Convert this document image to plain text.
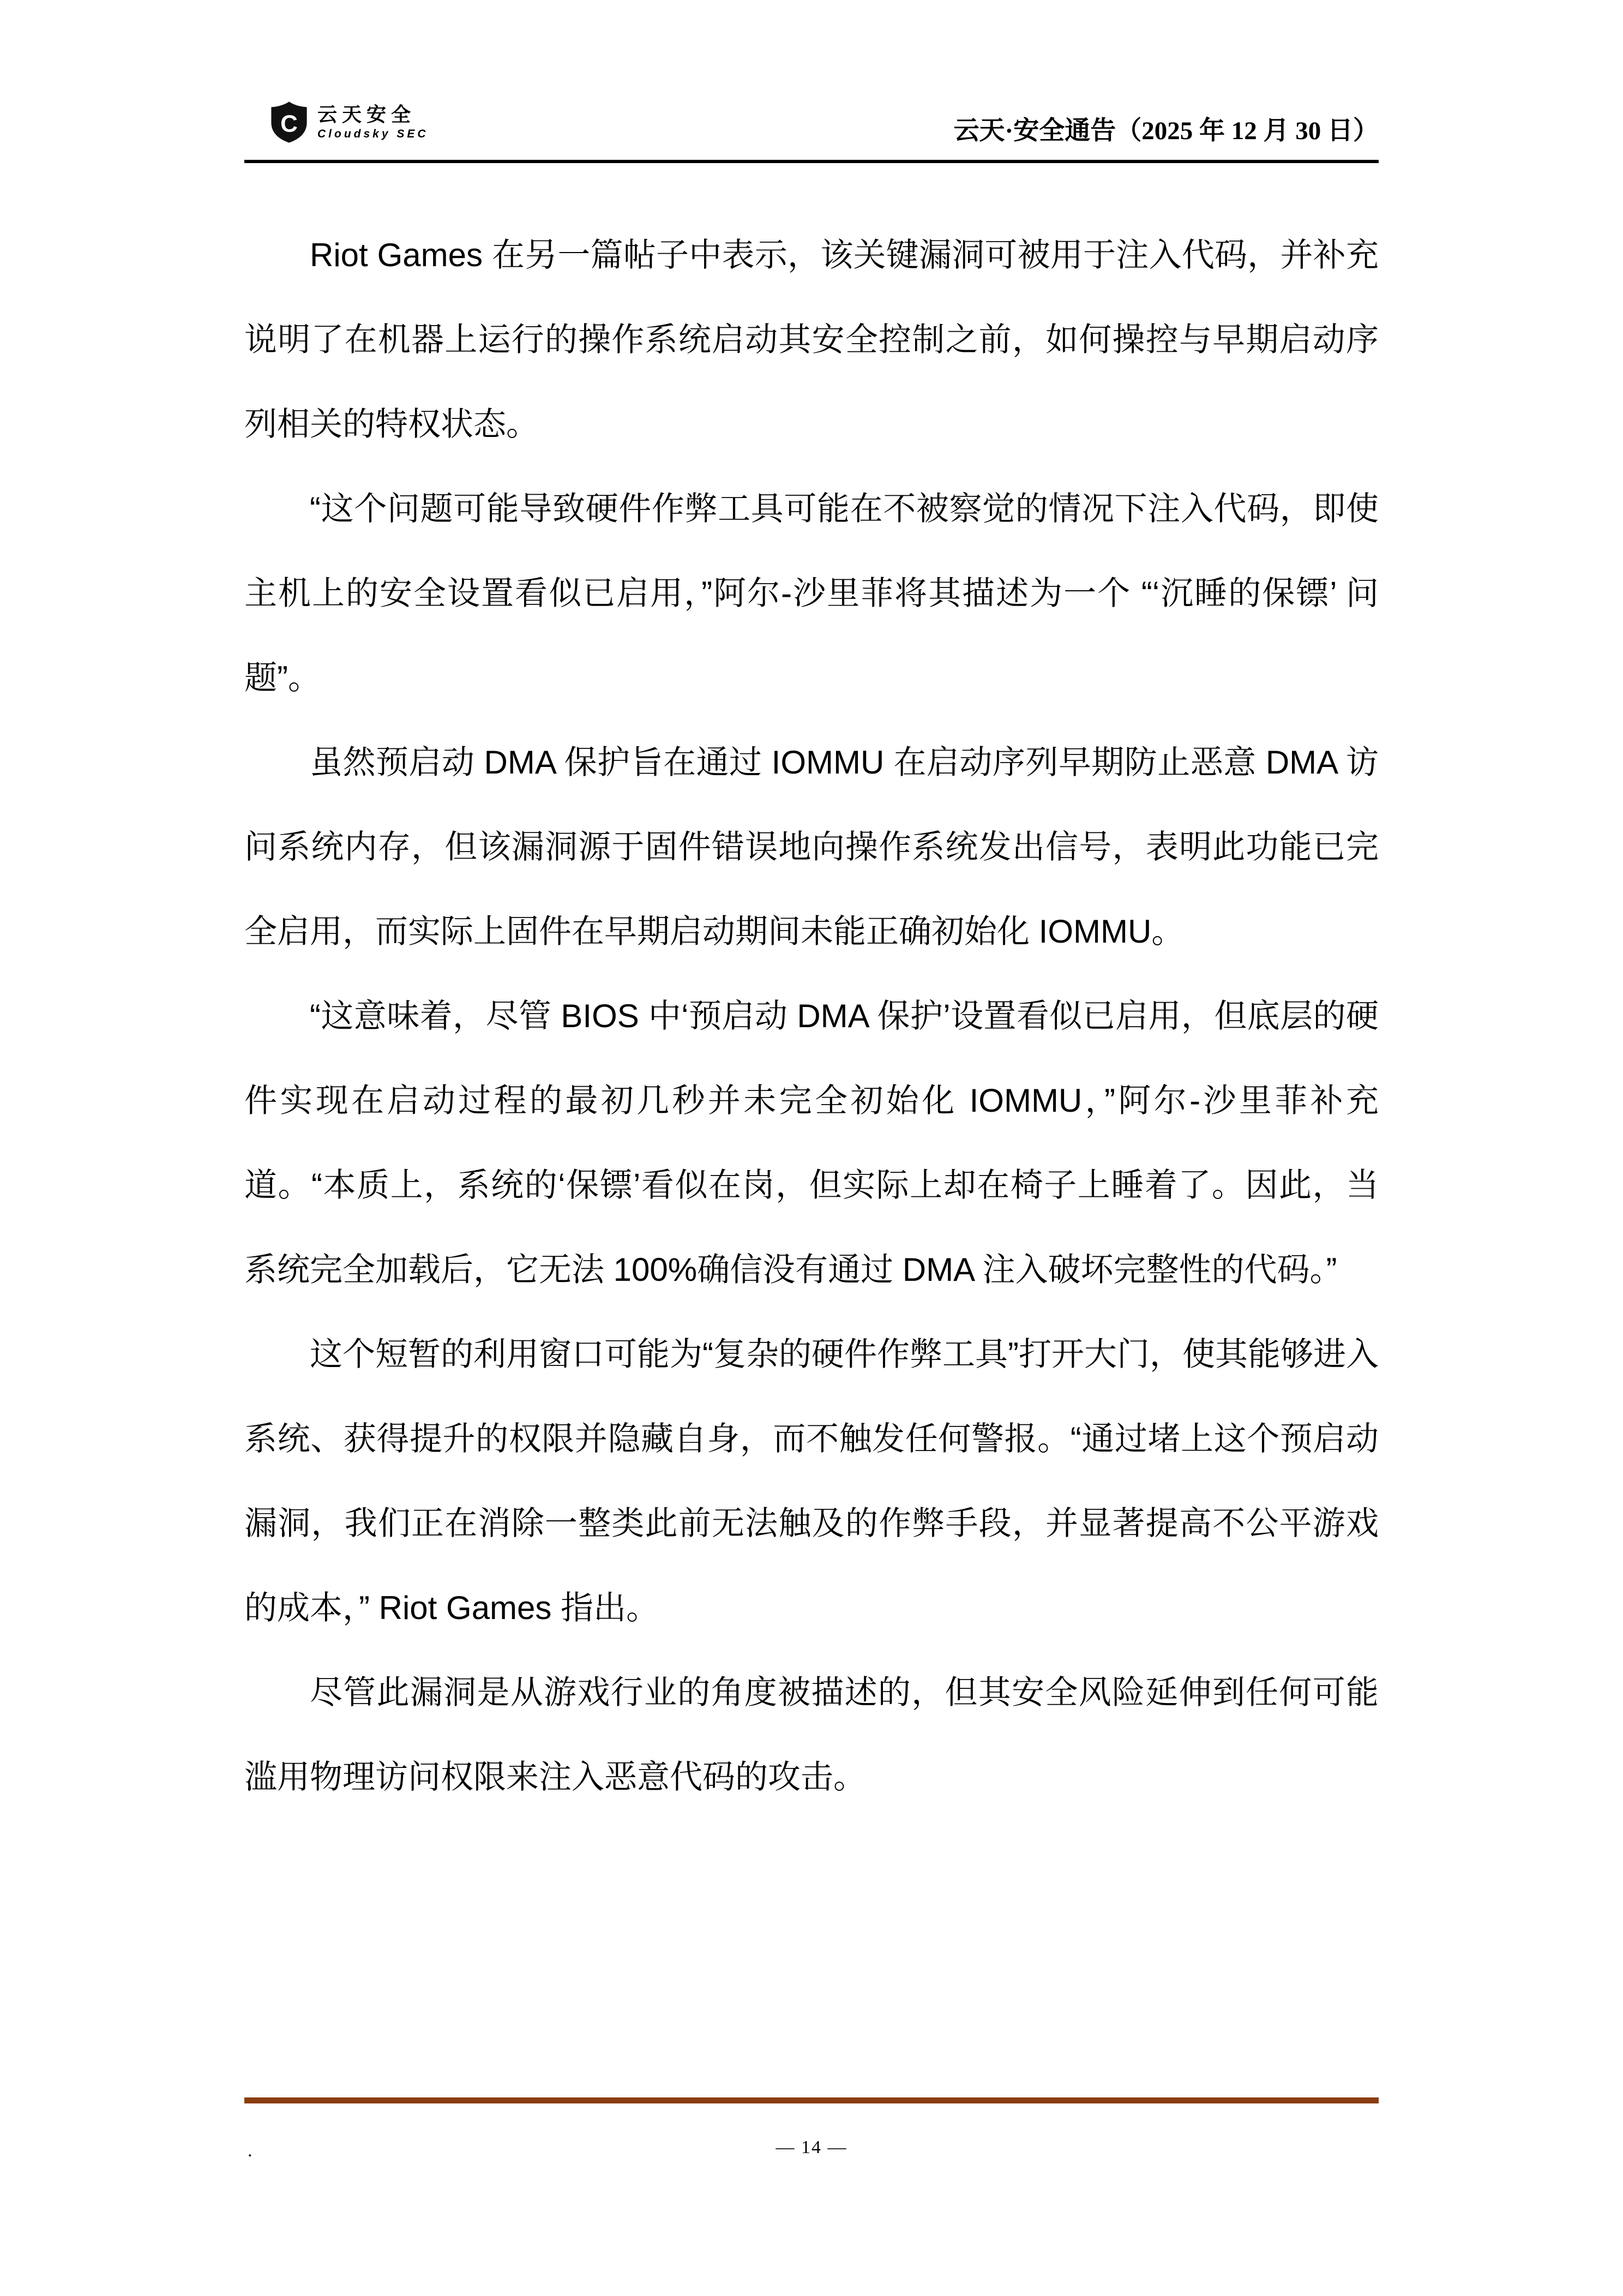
C 云天安全
Cloudsky SEC	云天·安全通告（2025 年 12 月 30 日）

Riot Games 在另一篇帖子中表示，该关键漏洞可被用于注入代码，并补充说明了在机器上运行的操作系统启动其安全控制之前，如何操控与早期启动序列相关的特权状态。

“这个问题可能导致硬件作弊工具可能在不被察觉的情况下注入代码，即使主机上的安全设置看似已启用，”阿尔-沙里菲将其描述为一个 “‘沉睡的保镖’ 问题”。

虽然预启动 DMA 保护旨在通过 IOMMU 在启动序列早期防止恶意 DMA 访问系统内存，但该漏洞源于固件错误地向操作系统发出信号，表明此功能已完全启用，而实际上固件在早期启动期间未能正确初始化 IOMMU。

“这意味着，尽管 BIOS 中‘预启动 DMA 保护’设置看似已启用，但底层的硬件实现在启动过程的最初几秒并未完全初始化 IOMMU，”阿尔-沙里菲补充道。“本质上，系统的‘保镖’看似在岗，但实际上却在椅子上睡着了。因此，当系统完全加载后，它无法 100%确信没有通过 DMA 注入破坏完整性的代码。”

这个短暂的利用窗口可能为“复杂的硬件作弊工具”打开大门，使其能够进入系统、获得提升的权限并隐藏自身，而不触发任何警报。“通过堵上这个预启动漏洞，我们正在消除一整类此前无法触及的作弊手段，并显著提高不公平游戏的成本，” Riot Games 指出。

尽管此漏洞是从游戏行业的角度被描述的，但其安全风险延伸到任何可能滥用物理访问权限来注入恶意代码的攻击。

.	— 14 —
